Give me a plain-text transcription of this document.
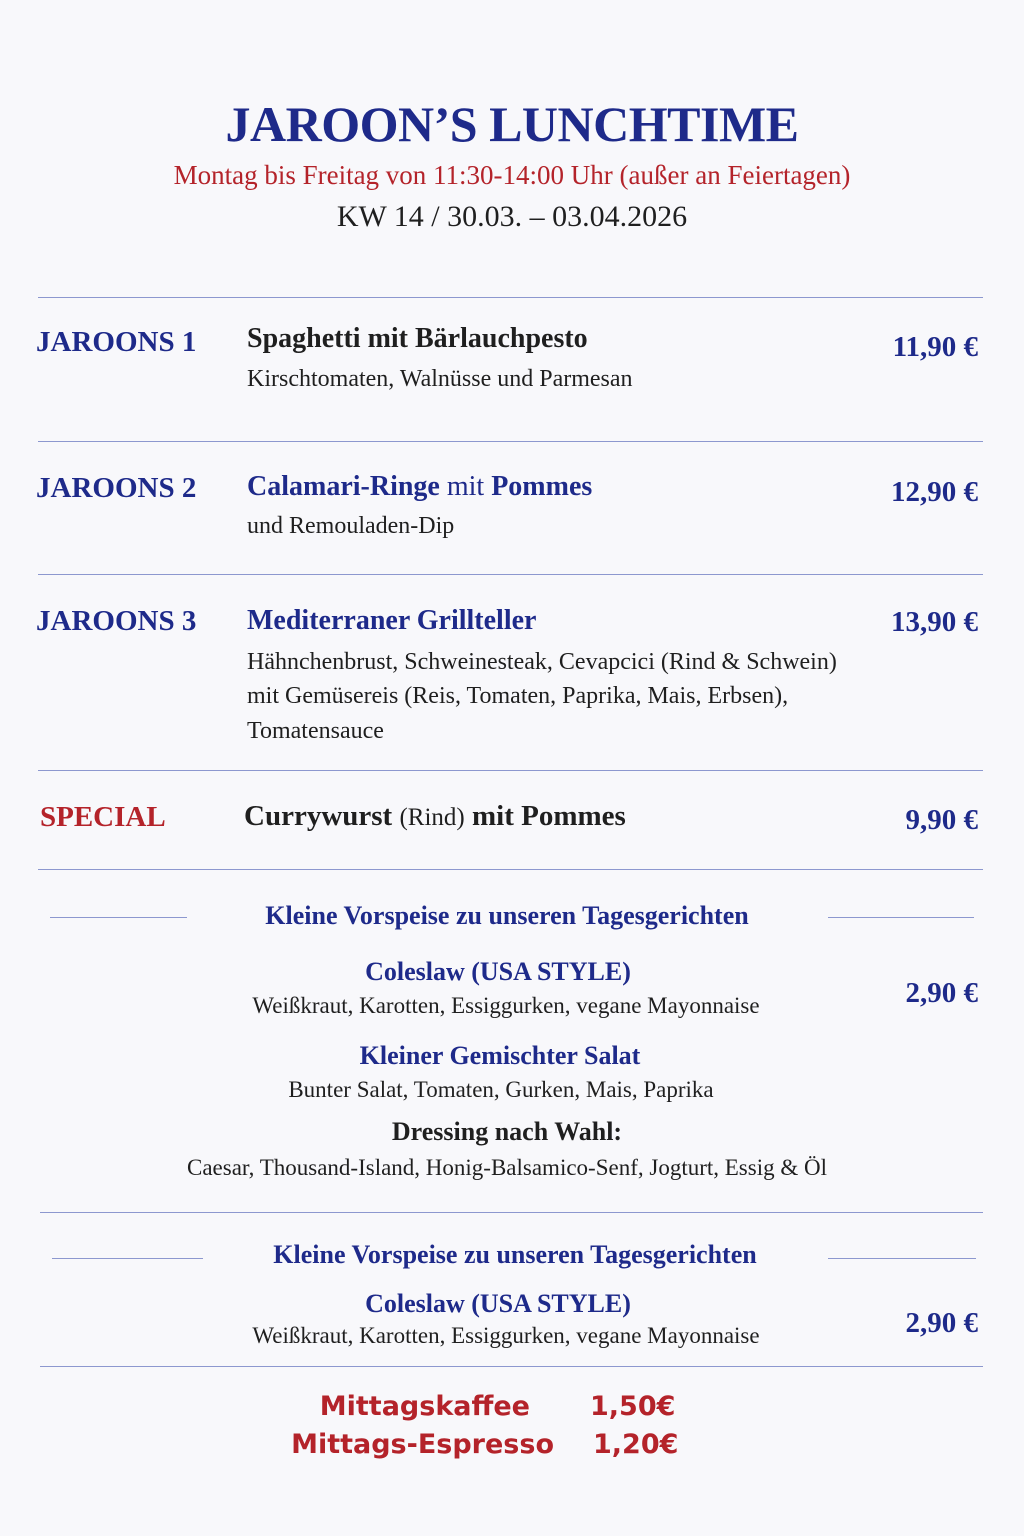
JAROON’S LUNCHTIME
Montag bis Freitag von 11:30-14:00 Uhr (außer an Feiertagen)
KW 14 / 30.03. – 03.04.2026
JAROONS 1 Spaghetti mit Bärlauchpesto
Kirschtomaten, Walnüsse und Parmesan
11,90 €
JAROONS 2 Calamari-Ringe mit Pommes
und Remouladen-Dip
12,90 €
JAROONS 3 Mediterraner Grillteller
Hähnchenbrust, Schweinesteak, Cevapcici (Rind & Schwein)
mit Gemüsereis (Reis, Tomaten, Paprika, Mais, Erbsen),
Tomatensauce
13,90 €
SPECIAL	Currywurst (Rind) mit Pommes	9,90 €
Kleine Vorspeise zu unseren Tagesgerichten
Coleslaw (USA STYLE)
Weißkraut, Karotten, Essiggurken, vegane Mayonnaise	2,90 €
Kleiner Gemischter Salat
Bunter Salat, Tomaten, Gurken, Mais, Paprika
Dressing nach Wahl:
Caesar, Thousand-Island, Honig-Balsamico-Senf, Jogturt, Essig & Öl
Kleine Vorspeise zu unseren Tagesgerichten
Coleslaw (USA STYLE)
Weißkraut, Karotten, Essiggurken, vegane Mayonnaise	2,90 €
Mittagskaffee 1,50€
Mittags-Espresso 1,20€
